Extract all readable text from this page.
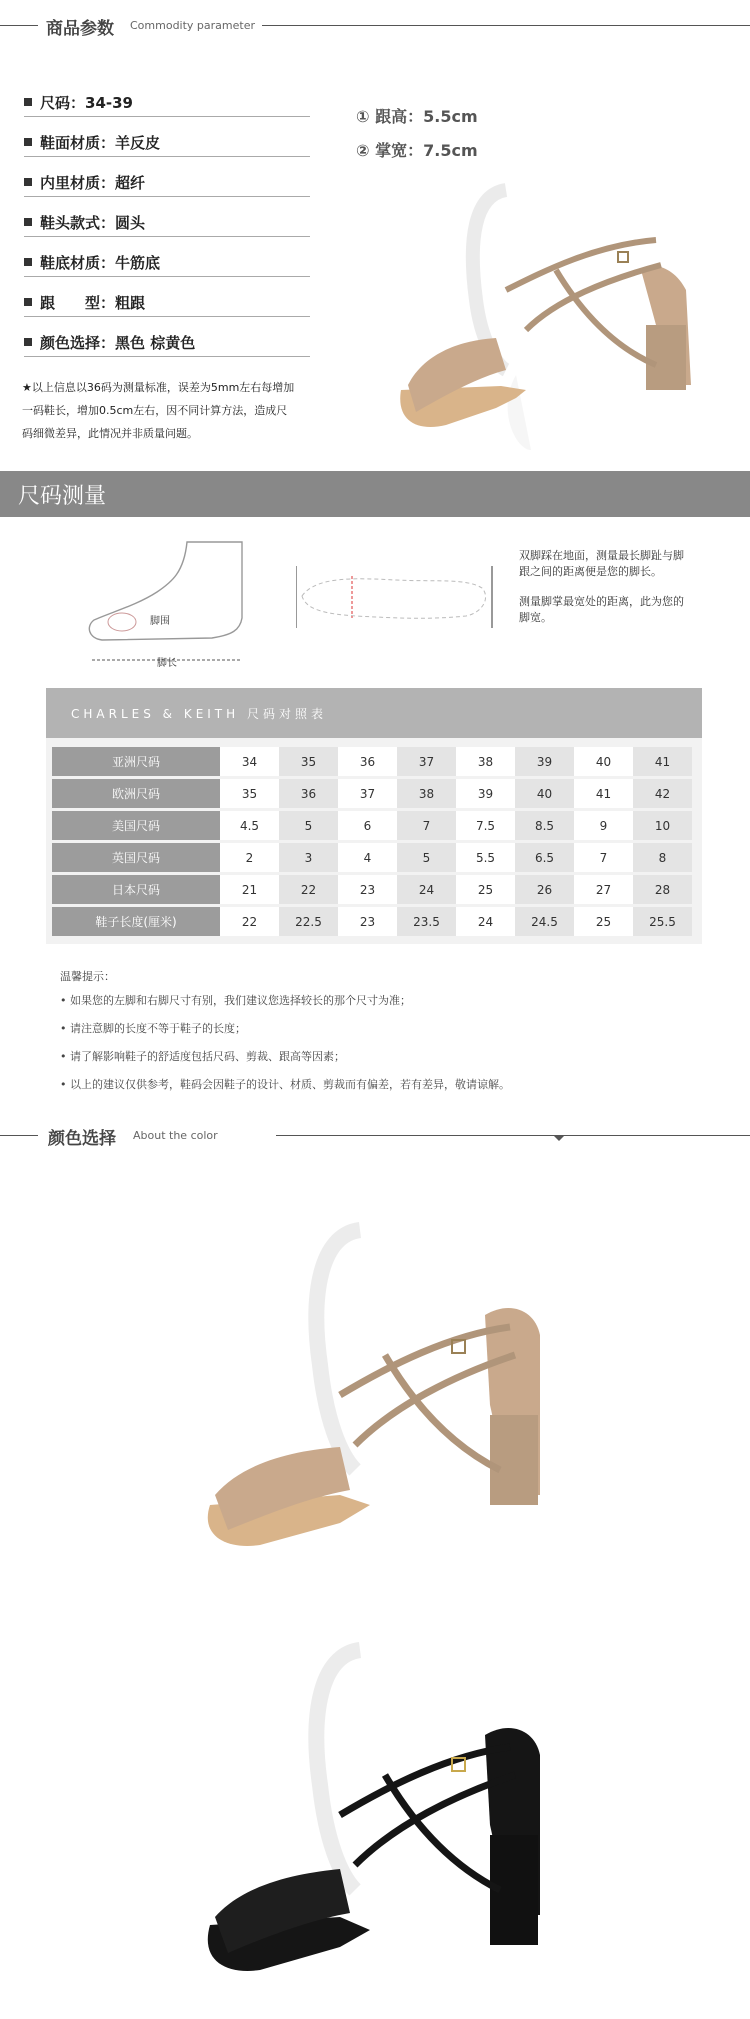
商品参数 Commodity parameter
尺码：34-39
鞋面材质：羊反皮
内里材质：超纤
鞋头款式：圆头
鞋底材质：牛筋底
跟　　型：粗跟
颜色选择：黑色 棕黄色
① 跟高：5.5cm
② 掌宽：7.5cm
★以上信息以36码为测量标准，误差为5mm左右每增加
一码鞋长，增加0.5cm左右，因不同计算方法，造成尺
码细微差异，此情况并非质量问题。
尺码测量
脚围
脚长
双脚踩在地面，测量最长脚趾与脚
跟之间的距离便是您的脚长。
测量脚掌最宽处的距离，此为您的
脚宽。
CHARLES & KEITH 尺码对照表
亚洲尺码	34	35	36	37	38	39	40	41
欧洲尺码	35	36	37	38	39	40	41	42
美国尺码	4.5	5	6	7	7.5	8.5	9	10
英国尺码	2	3	4	5	5.5	6.5	7	8
日本尺码	21	22	23	24	25	26	27	28
鞋子长度(厘米)	22	22.5	23	23.5	24	24.5	25	25.5
温馨提示：
• 如果您的左脚和右脚尺寸有别，我们建议您选择较长的那个尺寸为准；
• 请注意脚的长度不等于鞋子的长度；
• 请了解影响鞋子的舒适度包括尺码、剪裁、跟高等因素；
• 以上的建议仅供参考，鞋码会因鞋子的设计、材质、剪裁而有偏差，若有差异，敬请谅解。
颜色选择 About the color
